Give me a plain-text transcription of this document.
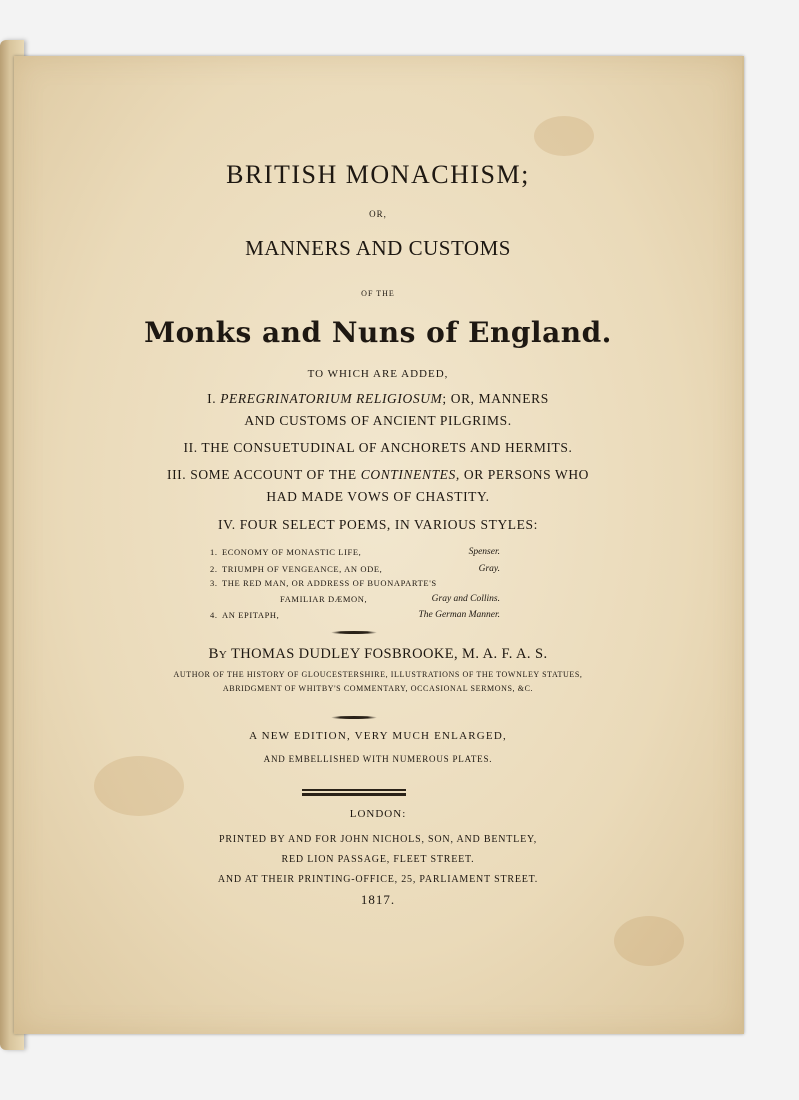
BRITISH MONACHISM;
OR,
MANNERS AND CUSTOMS
OF THE
Monks and Nuns of England.
TO WHICH ARE ADDED,
I. PEREGRINATORIUM RELIGIOSUM; OR, MANNERS
AND CUSTOMS OF ANCIENT PILGRIMS.
II. THE CONSUETUDINAL OF ANCHORETS AND HERMITS.
III. SOME ACCOUNT OF THE CONTINENTES, OR PERSONS WHO
HAD MADE VOWS OF CHASTITY.
IV. FOUR SELECT POEMS, IN VARIOUS STYLES:
1. ECONOMY OF MONASTIC LIFE,	Spenser.
2. TRIUMPH OF VENGEANCE, AN ODE,	Gray.
3. THE RED MAN, OR ADDRESS OF BUONAPARTE'S
FAMILIAR DÆMON,	Gray and Collins.
4. AN EPITAPH,	The German Manner.
By THOMAS DUDLEY FOSBROOKE, M. A. F. A. S.
AUTHOR OF THE HISTORY OF GLOUCESTERSHIRE, ILLUSTRATIONS OF THE TOWNLEY STATUES,
ABRIDGMENT OF WHITBY'S COMMENTARY, OCCASIONAL SERMONS, &C.
A NEW EDITION, VERY MUCH ENLARGED,
AND EMBELLISHED WITH NUMEROUS PLATES.
LONDON:
PRINTED BY AND FOR JOHN NICHOLS, SON, AND BENTLEY,
RED LION PASSAGE, FLEET STREET.
AND AT THEIR PRINTING-OFFICE, 25, PARLIAMENT STREET.
1817.
